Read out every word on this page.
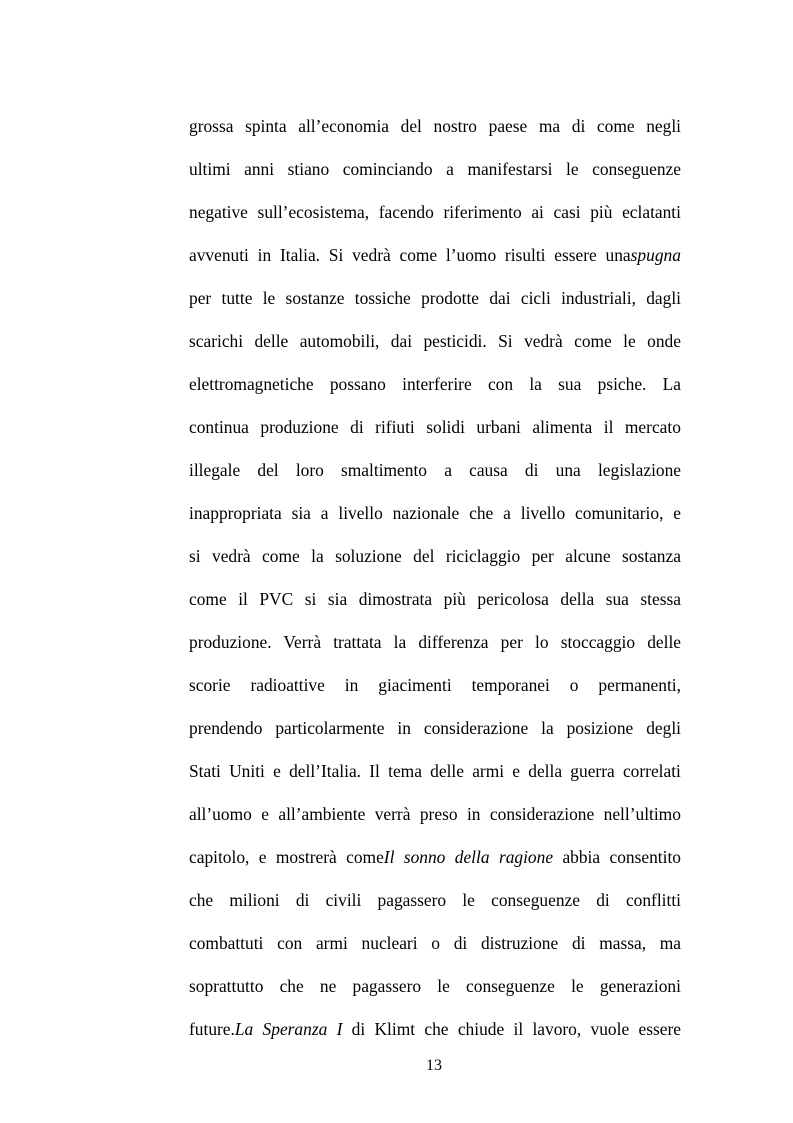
grossa spinta all’economia del nostro paese ma di come negli
ultimi anni stiano cominciando a manifestarsi le conseguenze
negative sull’ecosistema, facendo riferimento ai casi più eclatanti
avvenuti in Italia. Si vedrà come l’uomo risulti essere unaspugna
per tutte le sostanze tossiche prodotte dai cicli industriali, dagli
scarichi delle automobili, dai pesticidi. Si vedrà come le onde
elettromagnetiche possano interferire con la sua psiche. La
continua produzione di rifiuti solidi urbani alimenta il mercato
illegale del loro smaltimento a causa di una legislazione
inappropriata sia a livello nazionale che a livello comunitario, e
si vedrà come la soluzione del riciclaggio per alcune sostanza
come il PVC si sia dimostrata più pericolosa della sua stessa
produzione. Verrà trattata la differenza per lo stoccaggio delle
scorie radioattive in giacimenti temporanei o permanenti,
prendendo particolarmente in considerazione la posizione degli
Stati Uniti e dell’Italia. Il tema delle armi e della guerra correlati
all’uomo e all’ambiente verrà preso in considerazione nell’ultimo
capitolo, e mostrerà comeIl sonno della ragione abbia consentito
che milioni di civili pagassero le conseguenze di conflitti
combattuti con armi nucleari o di distruzione di massa, ma
soprattutto che ne pagassero le conseguenze le generazioni
future.La Speranza I di Klimt che chiude il lavoro, vuole essere
13
